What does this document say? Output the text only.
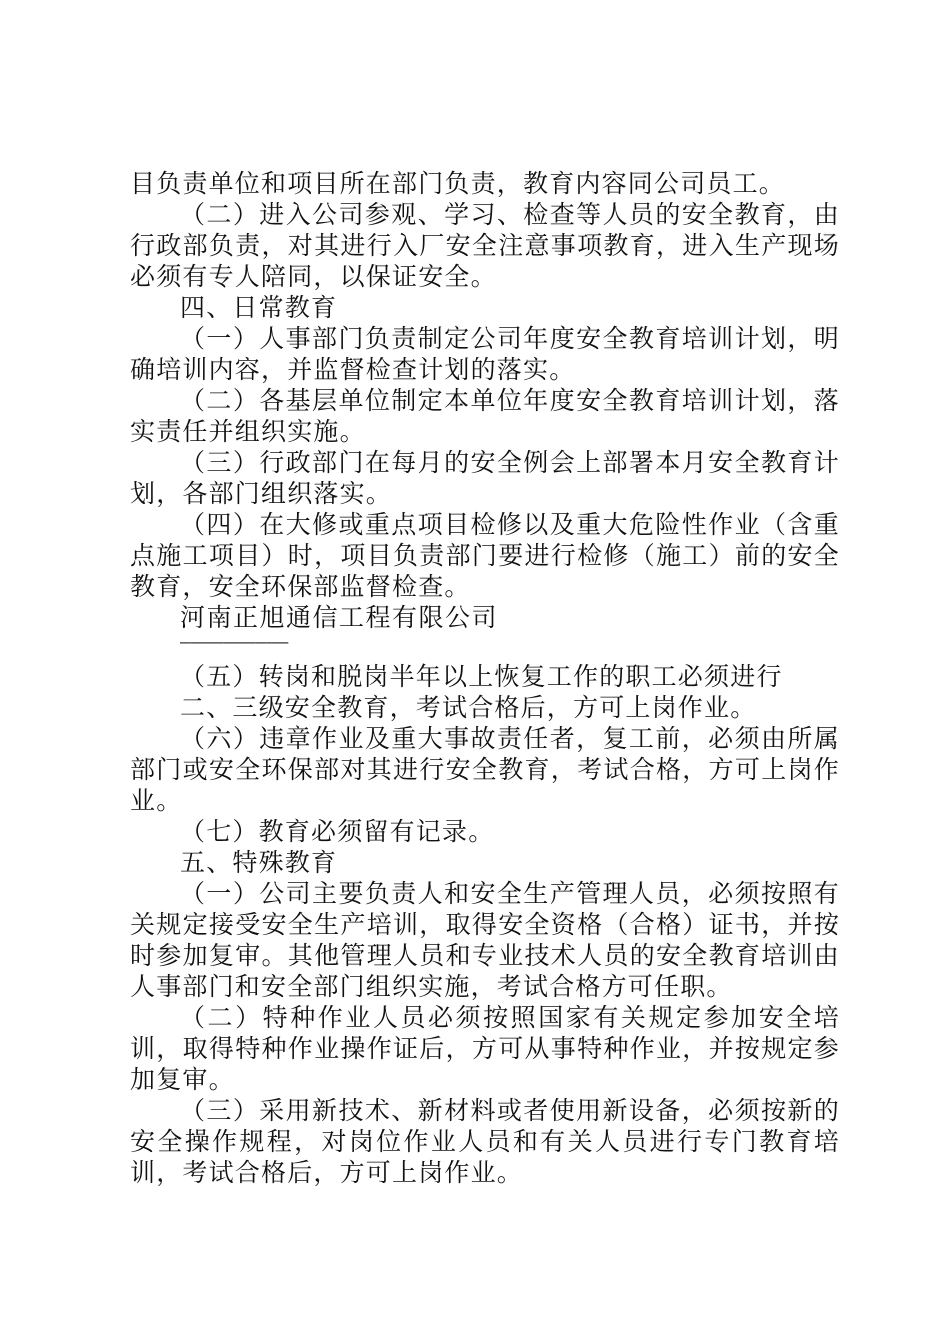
目负责单位和项目所在部门负责，教育内容同公司员工。

（二）进入公司参观、学习、检查等人员的安全教育，由行政部负责，对其进行入厂安全注意事项教育，进入生产现场必须有专人陪同，以保证安全。

四、日常教育

（一）人事部门负责制定公司年度安全教育培训计划，明确培训内容，并监督检查计划的落实。

（二）各基层单位制定本单位年度安全教育培训计划，落实责任并组织实施。

（三）行政部门在每月的安全例会上部署本月安全教育计划，各部门组织落实。

（四）在大修或重点项目检修以及重大危险性作业（含重点施工项目）时，项目负责部门要进行检修（施工）前的安全教育，安全环保部监督检查。

河南正旭通信工程有限公司

——————————

（五）转岗和脱岗半年以上恢复工作的职工必须进行

二、三级安全教育，考试合格后，方可上岗作业。

（六）违章作业及重大事故责任者，复工前，必须由所属部门或安全环保部对其进行安全教育，考试合格，方可上岗作业。

（七）教育必须留有记录。

五、特殊教育

（一）公司主要负责人和安全生产管理人员，必须按照有关规定接受安全生产培训，取得安全资格（合格）证书，并按时参加复审。其他管理人员和专业技术人员的安全教育培训由人事部门和安全部门组织实施，考试合格方可任职。

（二）特种作业人员必须按照国家有关规定参加安全培训，取得特种作业操作证后，方可从事特种作业，并按规定参加复审。

（三）采用新技术、新材料或者使用新设备，必须按新的安全操作规程，对岗位作业人员和有关人员进行专门教育培训，考试合格后，方可上岗作业。
